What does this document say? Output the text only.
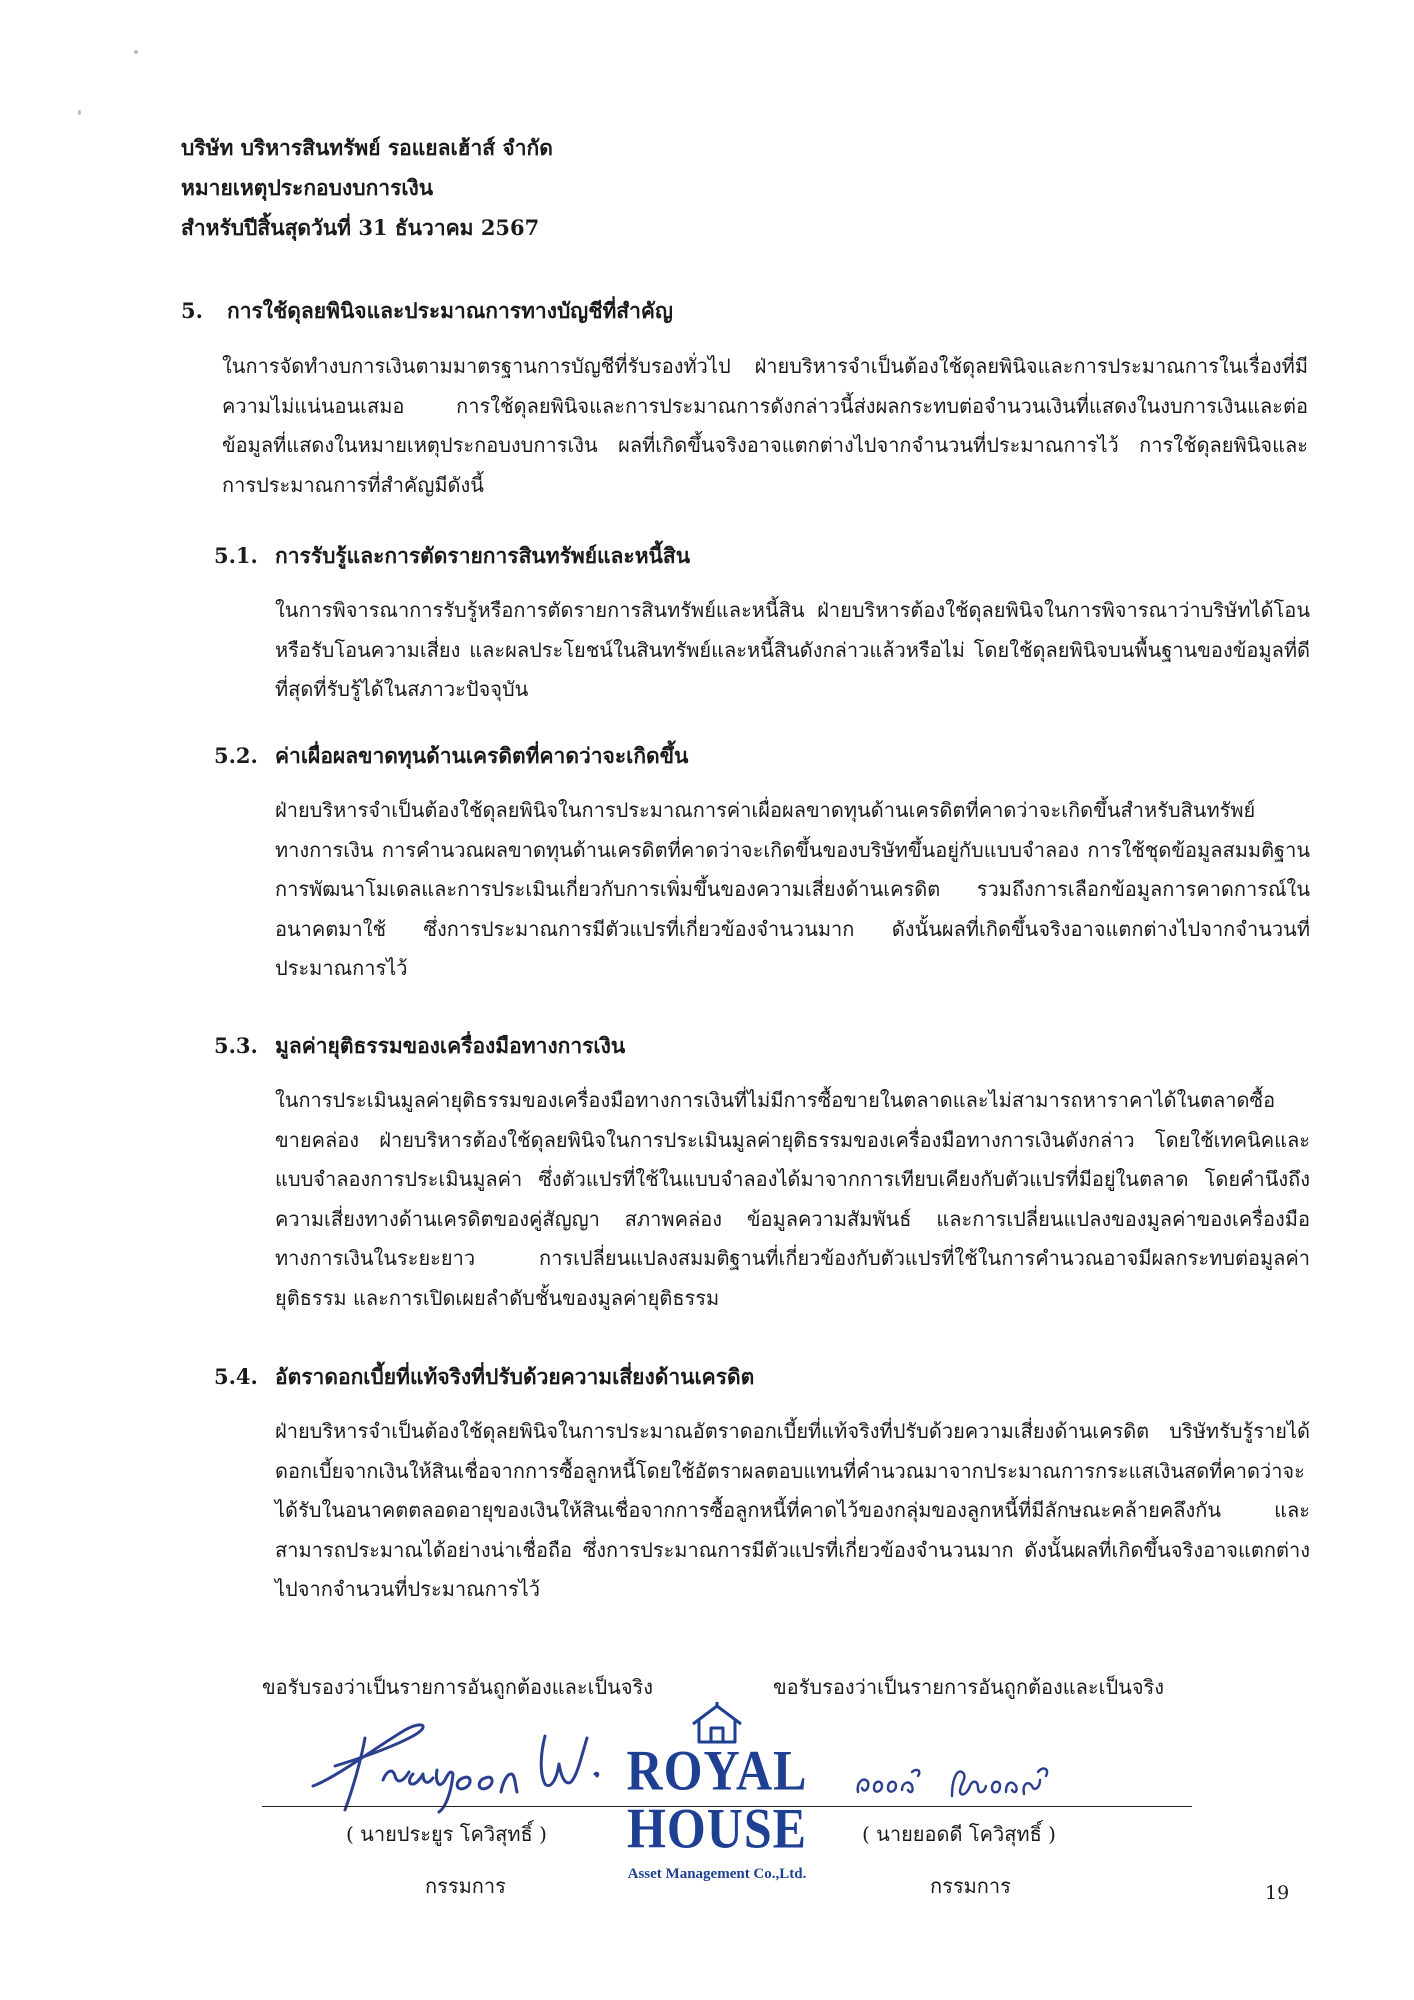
บริษัท บริหารสินทรัพย์ รอแยลเฮ้าส์ จำกัด
หมายเหตุประกอบงบการเงิน
สำหรับปีสิ้นสุดวันที่ 31 ธันวาคม 2567
5. การใช้ดุลยพินิจและประมาณการทางบัญชีที่สำคัญ
ในการจัดทำงบการเงินตามมาตรฐานการบัญชีที่รับรองทั่วไป ฝ่ายบริหารจำเป็นต้องใช้ดุลยพินิจและการประมาณการในเรื่องที่มีความไม่แน่นอนเสมอ การใช้ดุลยพินิจและการประมาณการดังกล่าวนี้ส่งผลกระทบต่อจำนวนเงินที่แสดงในงบการเงินและต่อข้อมูลที่แสดงในหมายเหตุประกอบงบการเงิน ผลที่เกิดขึ้นจริงอาจแตกต่างไปจากจำนวนที่ประมาณการไว้ การใช้ดุลยพินิจและการประมาณการที่สำคัญมีดังนี้
5.1. การรับรู้และการตัดรายการสินทรัพย์และหนี้สิน
ในการพิจารณาการรับรู้หรือการตัดรายการสินทรัพย์และหนี้สิน ฝ่ายบริหารต้องใช้ดุลยพินิจในการพิจารณาว่าบริษัทได้โอนหรือรับโอนความเสี่ยง และผลประโยชน์ในสินทรัพย์และหนี้สินดังกล่าวแล้วหรือไม่ โดยใช้ดุลยพินิจบนพื้นฐานของข้อมูลที่ดีที่สุดที่รับรู้ได้ในสภาวะปัจจุบัน
5.2. ค่าเผื่อผลขาดทุนด้านเครดิตที่คาดว่าจะเกิดขึ้น
ฝ่ายบริหารจำเป็นต้องใช้ดุลยพินิจในการประมาณการค่าเผื่อผลขาดทุนด้านเครดิตที่คาดว่าจะเกิดขึ้นสำหรับสินทรัพย์ทางการเงิน การคำนวณผลขาดทุนด้านเครดิตที่คาดว่าจะเกิดขึ้นของบริษัทขึ้นอยู่กับแบบจำลอง การใช้ชุดข้อมูลสมมติฐาน การพัฒนาโมเดลและการประเมินเกี่ยวกับการเพิ่มขึ้นของความเสี่ยงด้านเครดิต รวมถึงการเลือกข้อมูลการคาดการณ์ในอนาคตมาใช้ ซึ่งการประมาณการมีตัวแปรที่เกี่ยวข้องจำนวนมาก ดังนั้นผลที่เกิดขึ้นจริงอาจแตกต่างไปจากจำนวนที่ประมาณการไว้
5.3. มูลค่ายุติธรรมของเครื่องมือทางการเงิน
ในการประเมินมูลค่ายุติธรรมของเครื่องมือทางการเงินที่ไม่มีการซื้อขายในตลาดและไม่สามารถหาราคาได้ในตลาดซื้อขายคล่อง ฝ่ายบริหารต้องใช้ดุลยพินิจในการประเมินมูลค่ายุติธรรมของเครื่องมือทางการเงินดังกล่าว โดยใช้เทคนิคและแบบจำลองการประเมินมูลค่า ซึ่งตัวแปรที่ใช้ในแบบจำลองได้มาจากการเทียบเคียงกับตัวแปรที่มีอยู่ในตลาด โดยคำนึงถึงความเสี่ยงทางด้านเครดิตของคู่สัญญา สภาพคล่อง ข้อมูลความสัมพันธ์ และการเปลี่ยนแปลงของมูลค่าของเครื่องมือทางการเงินในระยะยาว การเปลี่ยนแปลงสมมติฐานที่เกี่ยวข้องกับตัวแปรที่ใช้ในการคำนวณอาจมีผลกระทบต่อมูลค่ายุติธรรม และการเปิดเผยลำดับชั้นของมูลค่ายุติธรรม
5.4. อัตราดอกเบี้ยที่แท้จริงที่ปรับด้วยความเสี่ยงด้านเครดิต
ฝ่ายบริหารจำเป็นต้องใช้ดุลยพินิจในการประมาณอัตราดอกเบี้ยที่แท้จริงที่ปรับด้วยความเสี่ยงด้านเครดิต บริษัทรับรู้รายได้ดอกเบี้ยจากเงินให้สินเชื่อจากการซื้อลูกหนี้โดยใช้อัตราผลตอบแทนที่คำนวณมาจากประมาณการกระแสเงินสดที่คาดว่าจะได้รับในอนาคตตลอดอายุของเงินให้สินเชื่อจากการซื้อลูกหนี้ที่คาดไว้ของกลุ่มของลูกหนี้ที่มีลักษณะคล้ายคลึงกัน และสามารถประมาณได้อย่างน่าเชื่อถือ ซึ่งการประมาณการมีตัวแปรที่เกี่ยวข้องจำนวนมาก ดังนั้นผลที่เกิดขึ้นจริงอาจแตกต่างไปจากจำนวนที่ประมาณการไว้
ขอรับรองว่าเป็นรายการอันถูกต้องและเป็นจริง	ขอรับรองว่าเป็นรายการอันถูกต้องและเป็นจริง
( นายประยูร โควิสุทธิ์ )
กรรมการ
( นายยอดดี โควิสุทธิ์ )
กรรมการ
ROYAL
HOUSE
Asset Management Co.,Ltd.
19
